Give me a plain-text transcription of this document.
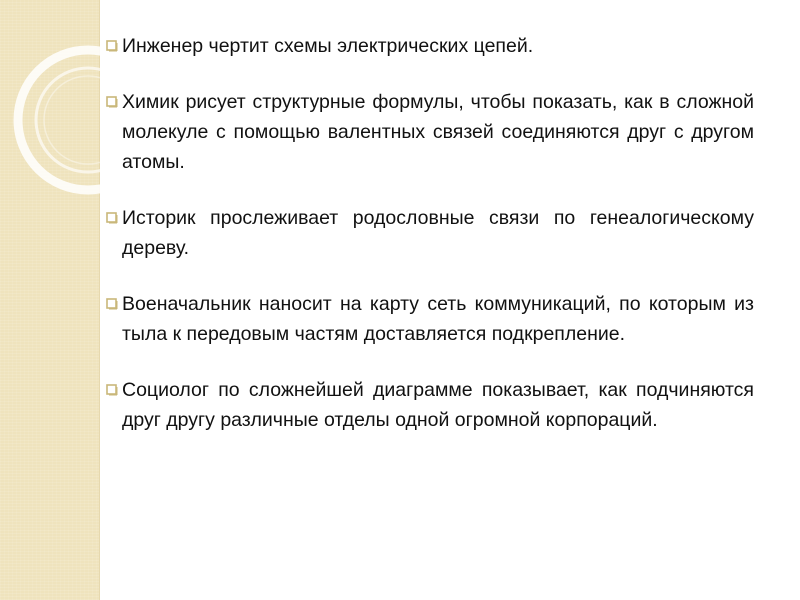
Инженер чертит схемы электрических цепей.
Химик рисует структурные формулы, чтобы показать, как в сложной молекуле с помощью валентных связей соединяются друг с другом атомы.
Историк прослеживает родословные связи по генеалогическому дереву.
Военачальник наносит на карту сеть коммуникаций, по которым из тыла к передовым частям доставляется подкрепление.
Социолог по сложнейшей диаграмме показывает, как подчиняются друг другу различные отделы одной огромной корпораций.
